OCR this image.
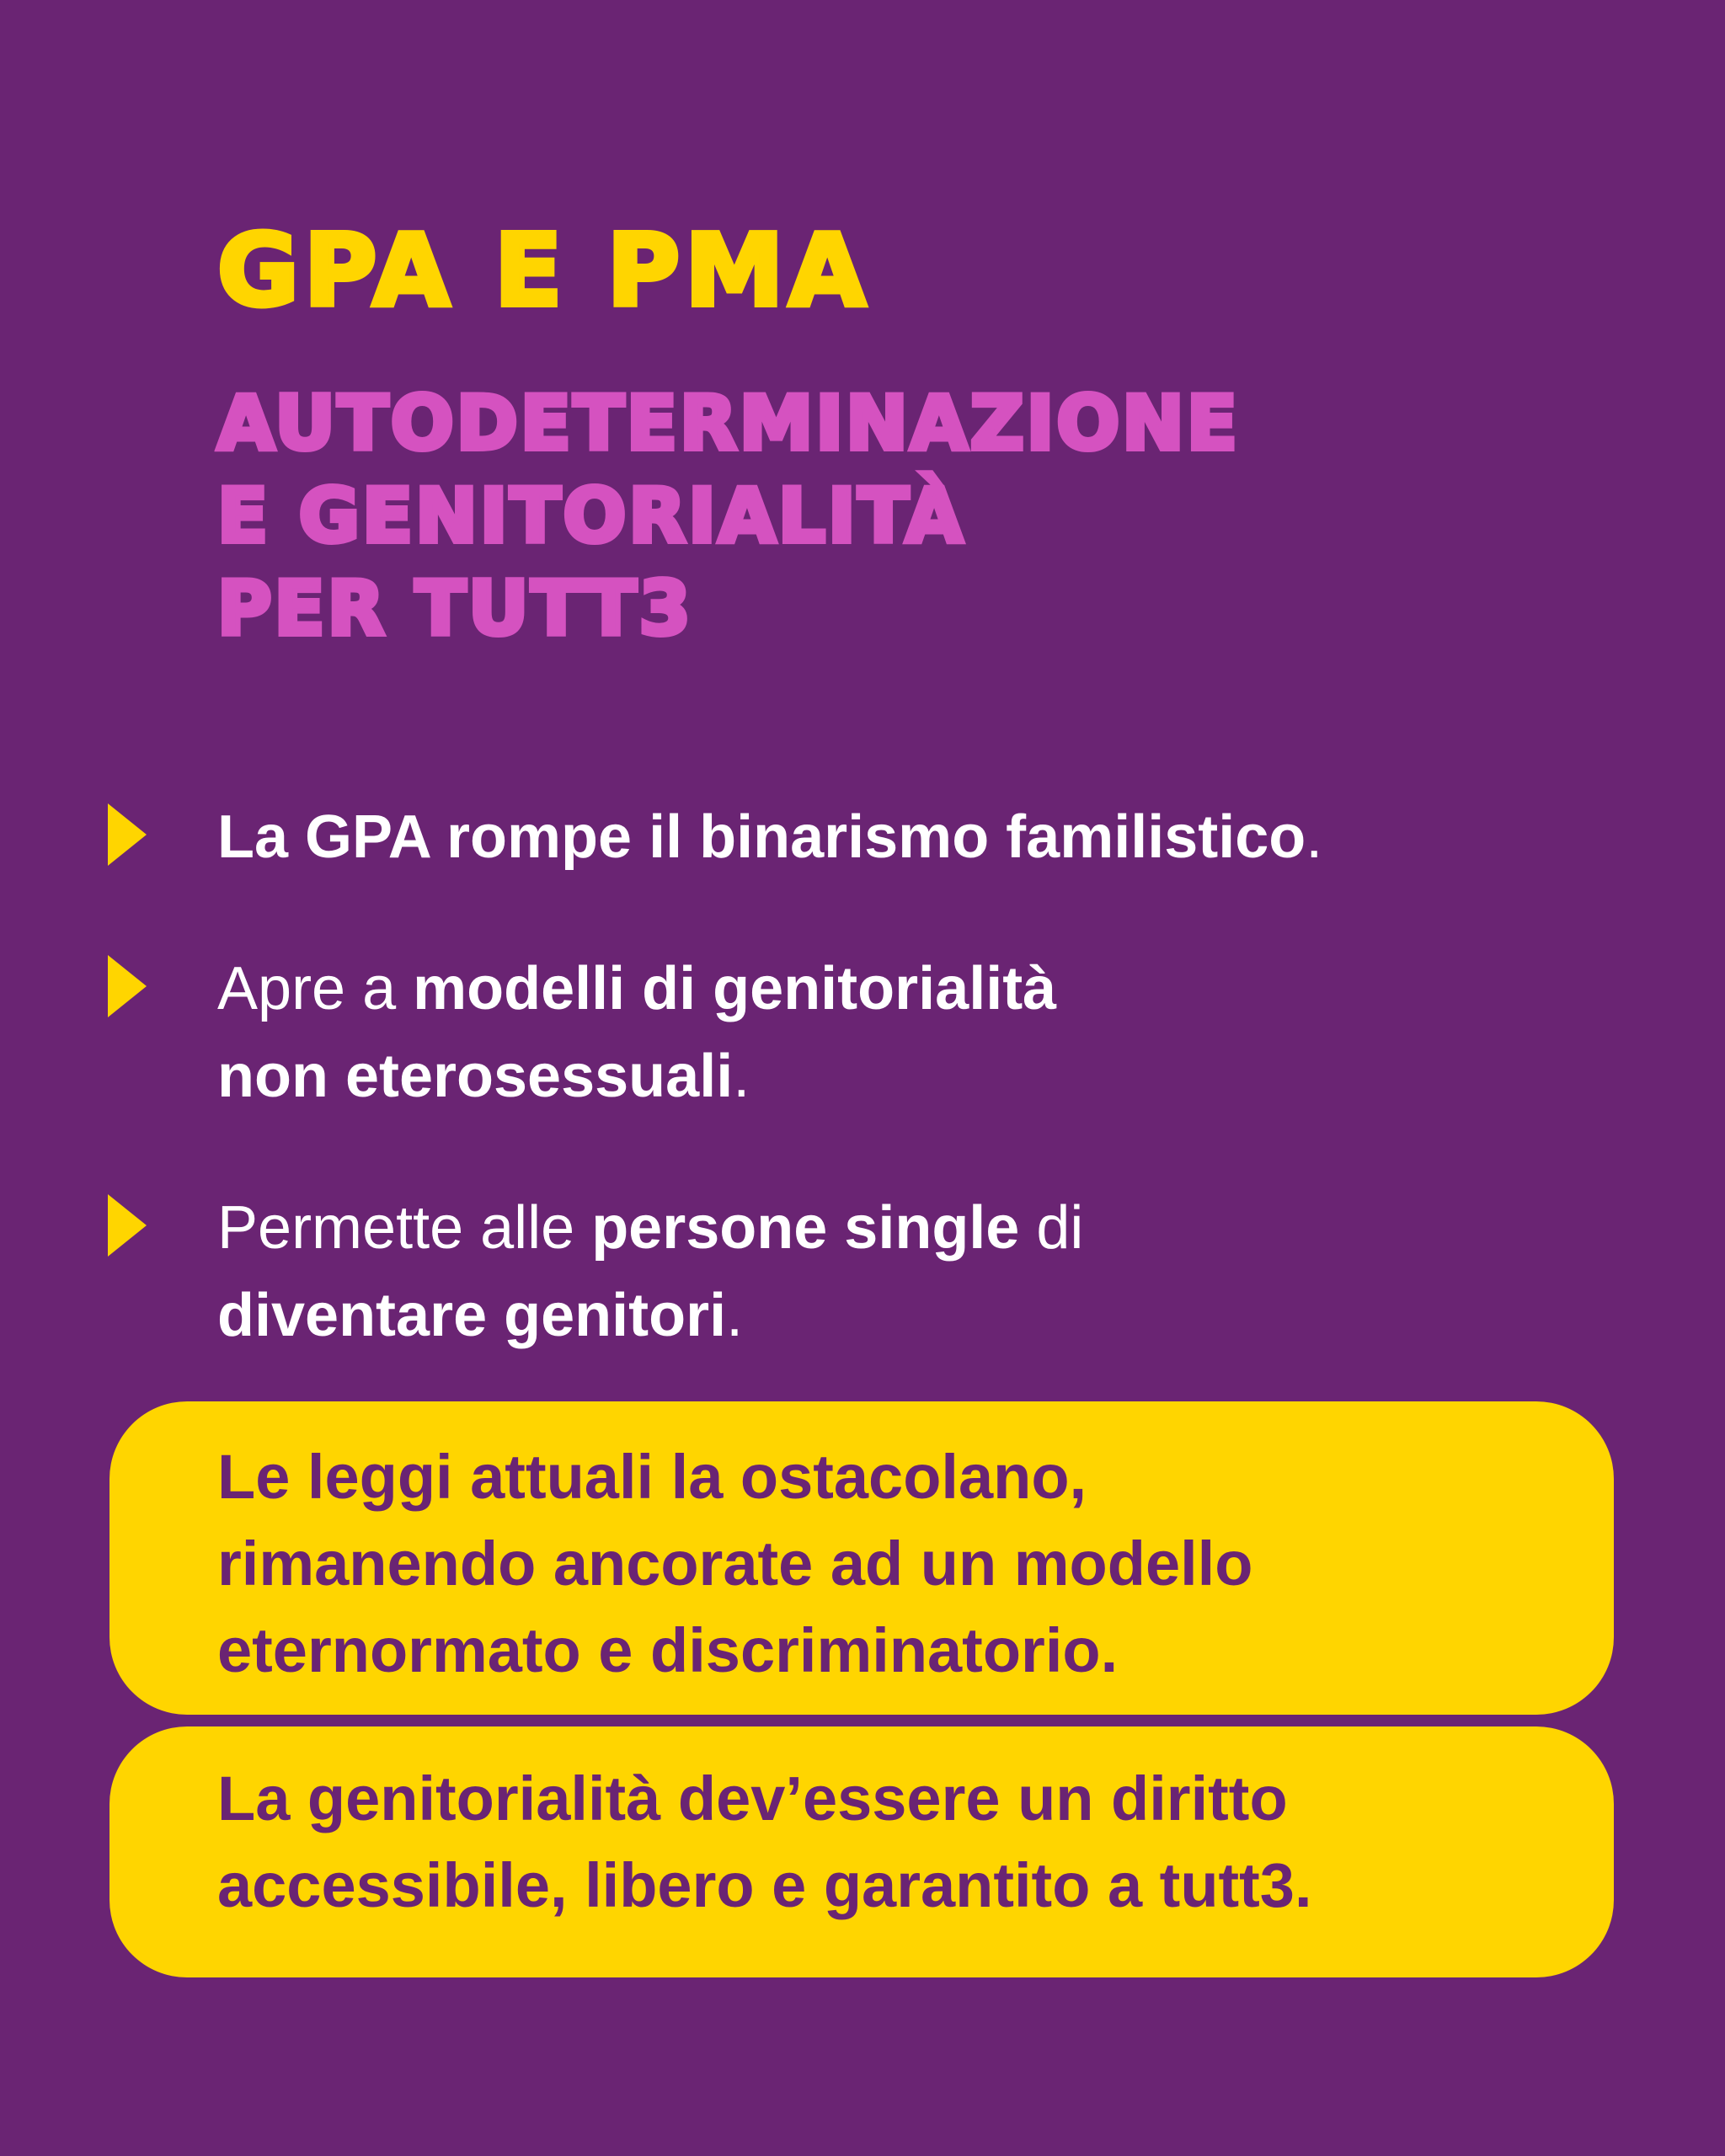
GPA E PMA
AUTODETERMINAZIONE
E GENITORIALITÀ
PER TUTT3

La GPA rompe il binarismo familistico.

Apre a modelli di genitorialità

non eterosessuali.

Permette alle persone single di

diventare genitori.

Le leggi attuali la ostacolano,

rimanendo ancorate ad un modello

eternormato e discriminatorio.

La genitorialità dev’essere un diritto

accessibile, libero e garantito a tutt3.
